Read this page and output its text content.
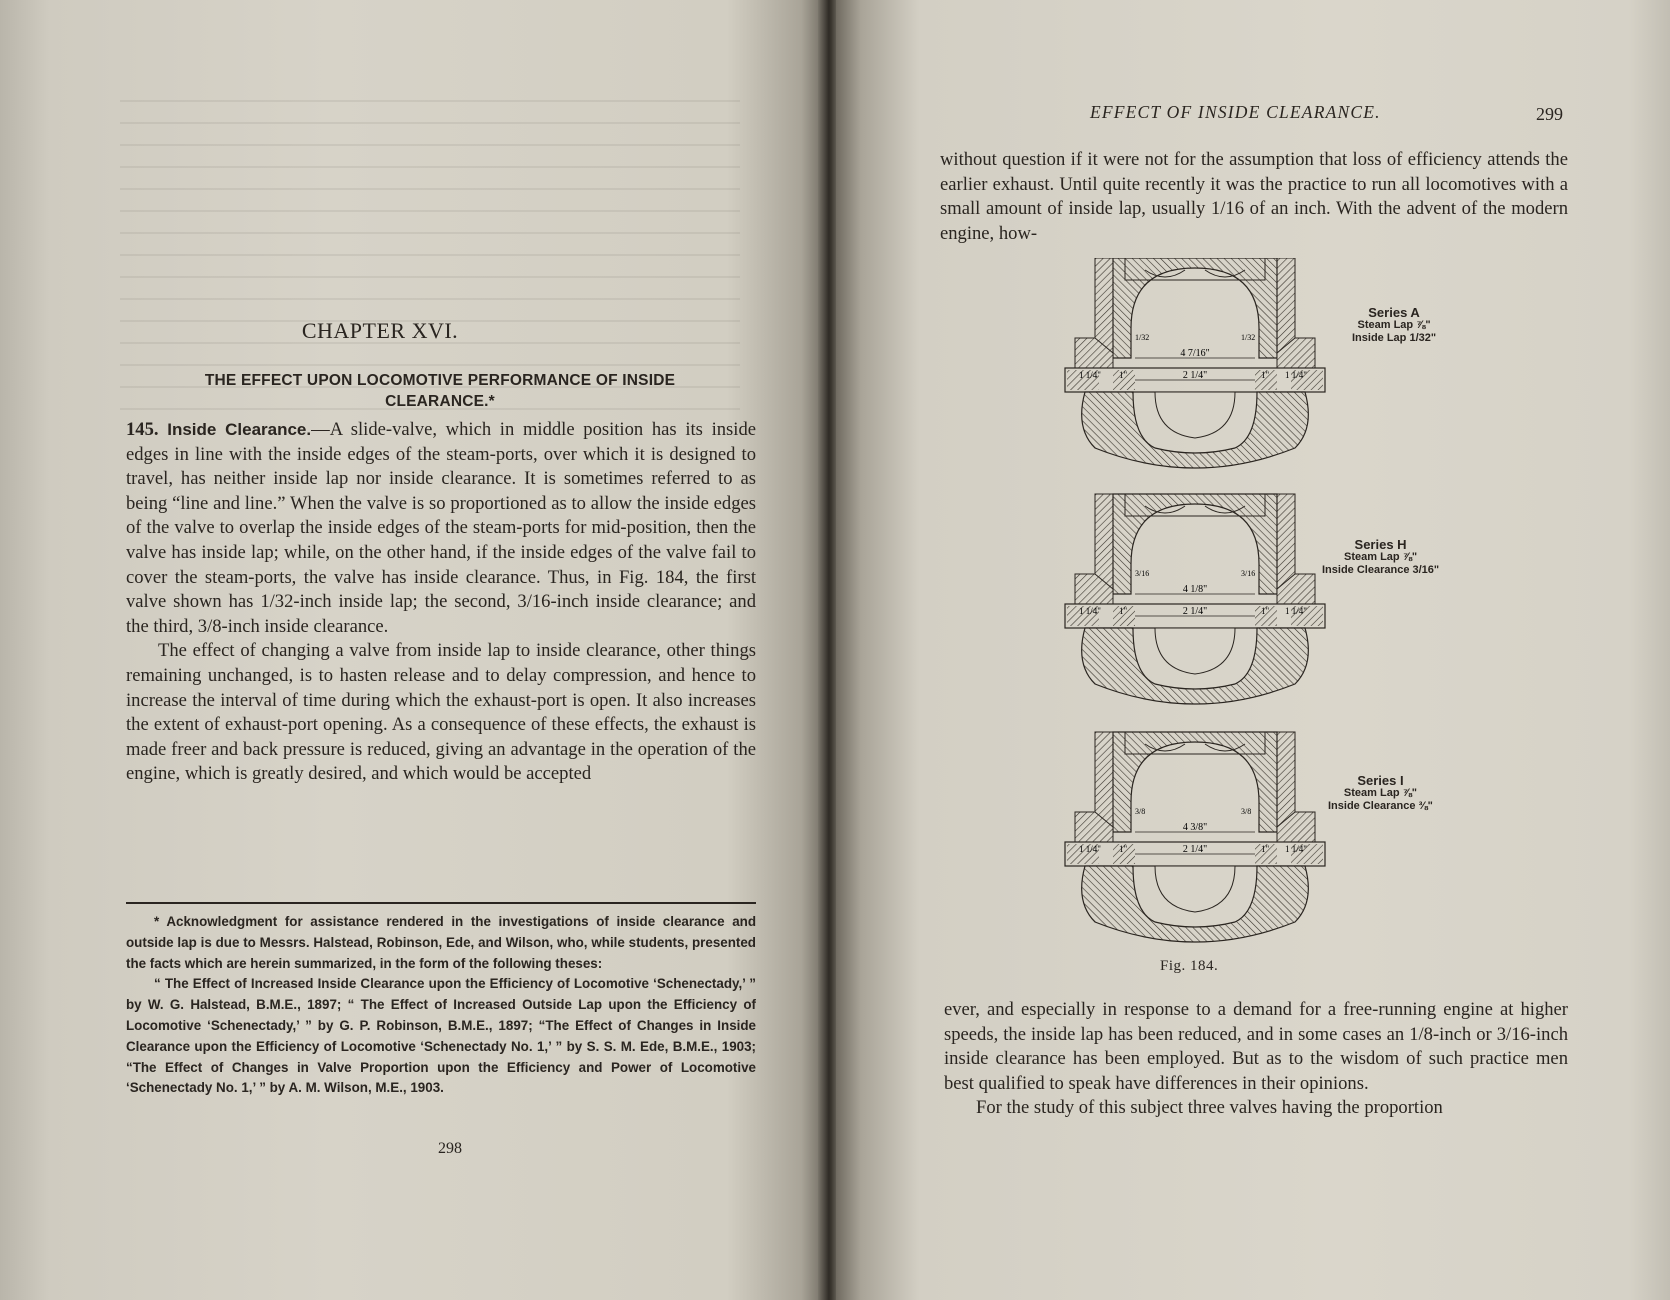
CHAPTER XVI.
THE EFFECT UPON LOCOMOTIVE PERFORMANCE OF INSIDE CLEARANCE.*

145. Inside Clearance.—A slide-valve, which in middle position has its inside edges in line with the inside edges of the steam-ports, over which it is designed to travel, has neither inside lap nor inside clearance. It is sometimes referred to as being “line and line.” When the valve is so proportioned as to allow the inside edges of the valve to overlap the inside edges of the steam-ports for mid-position, then the valve has inside lap; while, on the other hand, if the inside edges of the valve fail to cover the steam-ports, the valve has inside clearance. Thus, in Fig. 184, the first valve shown has 1/32-inch inside lap; the second, 3/16-inch inside clearance; and the third, 3/8-inch inside clearance.

The effect of changing a valve from inside lap to inside clearance, other things remaining unchanged, is to hasten release and to delay compression, and hence to increase the interval of time during which the exhaust-port is open. It also increases the extent of exhaust-port opening. As a consequence of these effects, the exhaust is made freer and back pressure is reduced, giving an advantage in the operation of the engine, which is greatly desired, and which would be accepted

* Acknowledgment for assistance rendered in the investigations of inside clearance and outside lap is due to Messrs. Halstead, Robinson, Ede, and Wilson, who, while students, presented the facts which are herein summarized, in the form of the following theses:

“ The Effect of Increased Inside Clearance upon the Efficiency of Locomotive ‘Schenectady,’ ” by W. G. Halstead, B.M.E., 1897; “ The Effect of Increased Outside Lap upon the Efficiency of Locomotive ‘Schenectady,’ ” by G. P. Robinson, B.M.E., 1897; “The Effect of Changes in Inside Clearance upon the Efficiency of Locomotive ‘Schenectady No. 1,’ ” by S. S. M. Ede, B.M.E., 1903; “The Effect of Changes in Valve Proportion upon the Efficiency and Power of Locomotive ‘Schenectady No. 1,’ ” by A. M. Wilson, M.E., 1903.

298
EFFECT OF INSIDE CLEARANCE.	299

without question if it were not for the assumption that loss of efficiency attends the earlier exhaust. Until quite recently it was the practice to run all locomotives with a small amount of inside lap, usually 1/16 of an inch. With the advent of the modern engine, how-

4 7/16"
2 1/4"
1 1/4" 1"	1" 1 1/4"
1/32	1/32
4 1/8"
2 1/4"
1 1/4" 1"	1" 1 1/4"
3/16	3/16
4 3/8"
2 1/4"
1 1/4" 1"	1" 1 1/4"
3/8	3/8
Series A
Steam Lap ⅞"
Inside Lap 1/32"
Series H
Steam Lap ⅞"
Inside Clearance 3/16"
Series I
Steam Lap ⅞"
Inside Clearance ⅜"
Fig. 184.

ever, and especially in response to a demand for a free-running engine at higher speeds, the inside lap has been reduced, and in some cases an 1/8-inch or 3/16-inch inside clearance has been employed. But as to the wisdom of such practice men best qualified to speak have differences in their opinions.

For the study of this subject three valves having the proportion
